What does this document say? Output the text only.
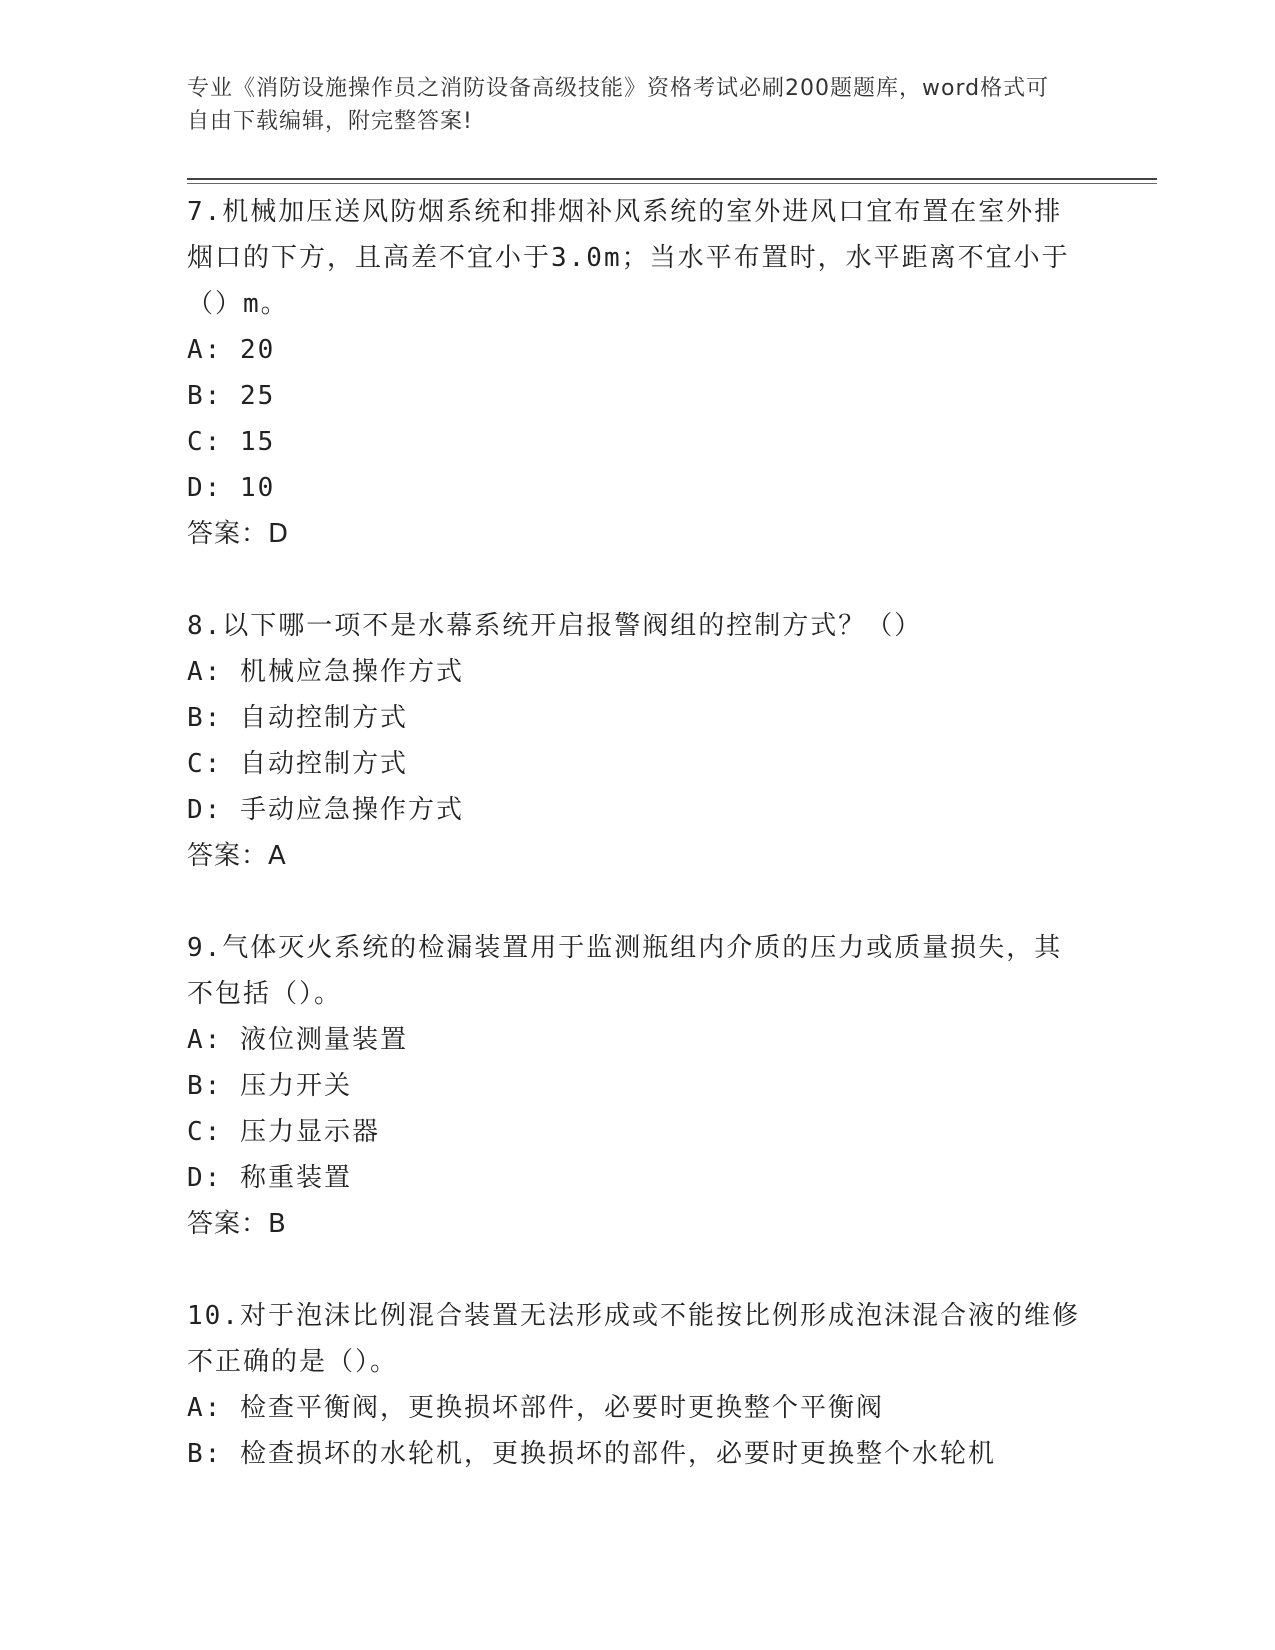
专业《消防设施操作员之消防设备高级技能》资格考试必刷200题题库，word格式可自由下载编辑，附完整答案!

7.机械加压送风防烟系统和排烟补风系统的室外进风口宜布置在室外排烟口的下方，且高差不宜小于3.0m；当水平布置时，水平距离不宜小于（）m。

A: 20

B: 25

C: 15

D: 10

答案：D

8.以下哪一项不是水幕系统开启报警阀组的控制方式？（）

A: 机械应急操作方式

B: 自动控制方式

C: 自动控制方式

D: 手动应急操作方式

答案：A

9.气体灭火系统的检漏装置用于监测瓶组内介质的压力或质量损失，其不包括（）。

A: 液位测量装置

B: 压力开关

C: 压力显示器

D: 称重装置

答案：B

10.对于泡沫比例混合装置无法形成或不能按比例形成泡沫混合液的维修不正确的是（）。

A: 检查平衡阀，更换损坏部件，必要时更换整个平衡阀

B: 检查损坏的水轮机，更换损坏的部件，必要时更换整个水轮机
